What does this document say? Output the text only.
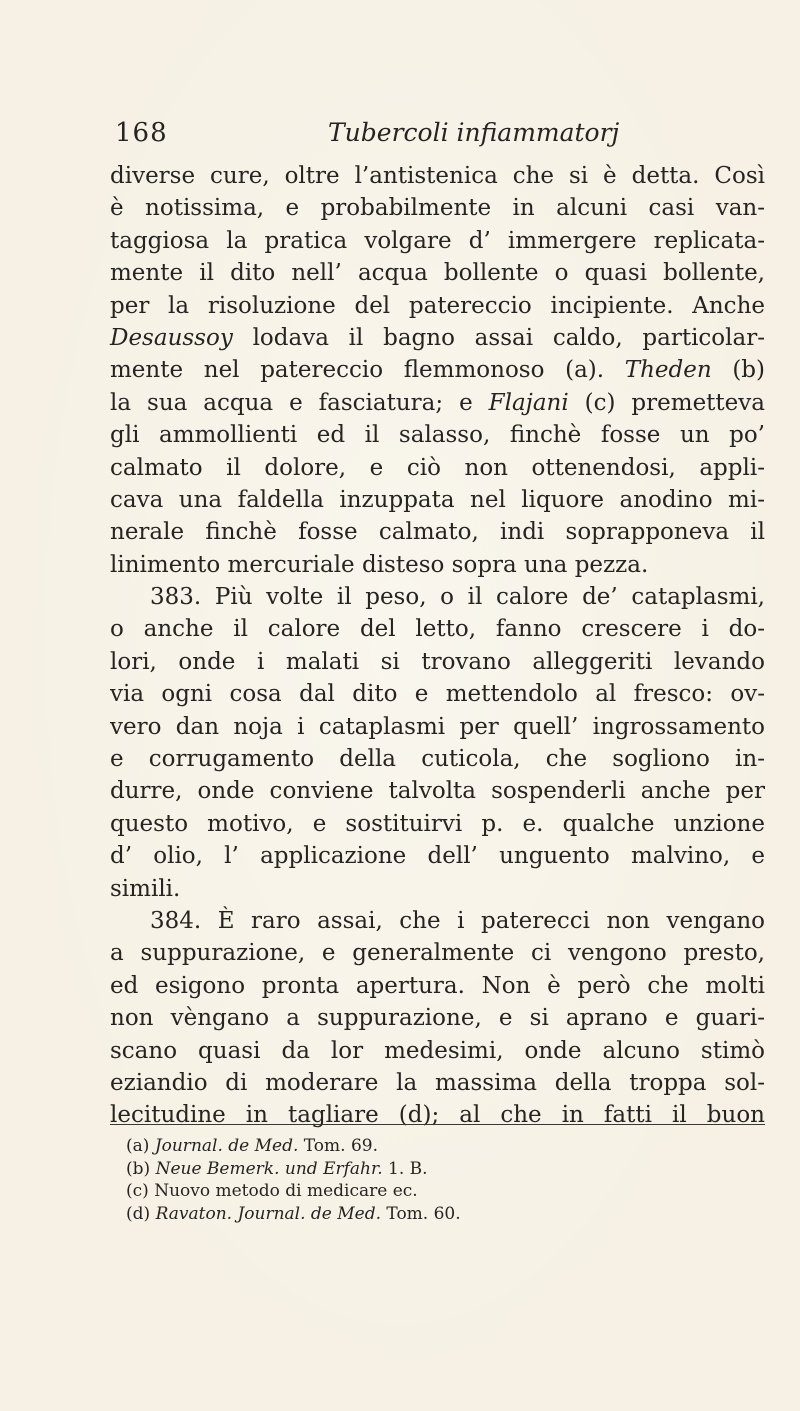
168	Tubercoli infiammatorj
diverse cure, oltre l’antistenica che si è detta. Così
è notissima, e probabilmente in alcuni casi van-
taggiosa la pratica volgare d’ immergere replicata-
mente il dito nell’ acqua bollente o quasi bollente,
per la risoluzione del patereccio incipiente. Anche
Desaussoy lodava il bagno assai caldo, particolar-
mente nel patereccio flemmonoso (a). Theden (b)
la sua acqua e fasciatura; e Flajani (c) premetteva
gli ammollienti ed il salasso, finchè fosse un po’
calmato il dolore, e ciò non ottenendosi, appli-
cava una faldella inzuppata nel liquore anodino mi-
nerale finchè fosse calmato, indi soprapponeva il
linimento mercuriale disteso sopra una pezza.
383. Più volte il peso, o il calore de’ cataplasmi,
o anche il calore del letto, fanno crescere i do-
lori, onde i malati si trovano alleggeriti levando
via ogni cosa dal dito e mettendolo al fresco: ov-
vero dan noja i cataplasmi per quell’ ingrossamento
e corrugamento della cuticola, che sogliono in-
durre, onde conviene talvolta sospenderli anche per
questo motivo, e sostituirvi p. e. qualche unzione
d’ olio, l’ applicazione dell’ unguento malvino, e
simili.
384. È raro assai, che i paterecci non vengano
a suppurazione, e generalmente ci vengono presto,
ed esigono pronta apertura. Non è però che molti
non vèngano a suppurazione, e si aprano e guari-
scano quasi da lor medesimi, onde alcuno stimò
eziandio di moderare la massima della troppa sol-
lecitudine in tagliare (d); al che in fatti il buon
(a) Journal. de Med. Tom. 69.
(b) Neue Bemerk. und Erfahr. 1. B.
(c) Nuovo metodo di medicare ec.
(d) Ravaton. Journal. de Med. Tom. 60.
